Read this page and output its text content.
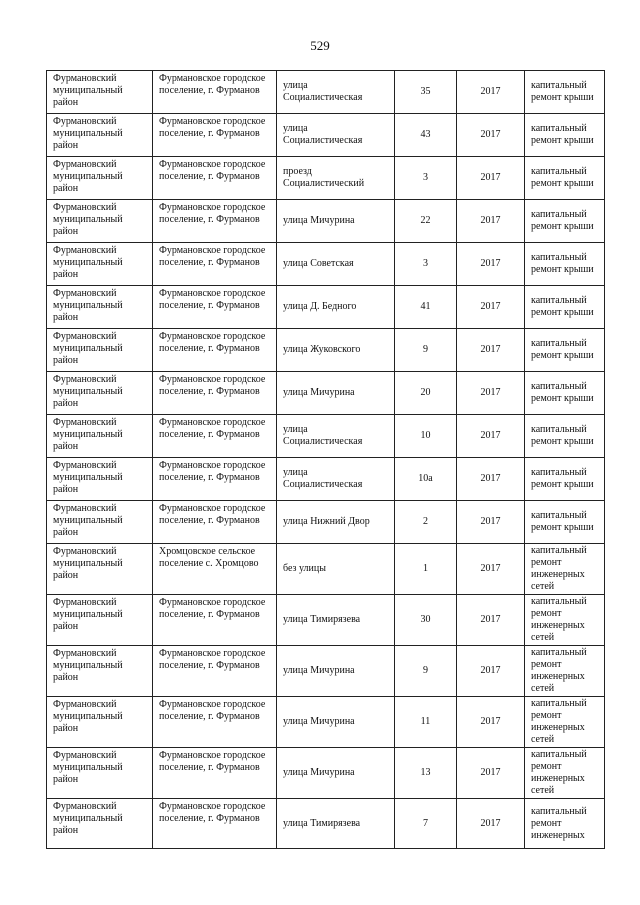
529
Фурмановский муниципальный район	Фурмановское городское поселение, г. Фурманов	улица Социалистическая	35	2017	капитальный ремонт крыши
Фурмановский муниципальный район	Фурмановское городское поселение, г. Фурманов	улица Социалистическая	43	2017	капитальный ремонт крыши
Фурмановский муниципальный район	Фурмановское городское поселение, г. Фурманов	проезд Социалистический	3	2017	капитальный ремонт крыши
Фурмановский муниципальный район	Фурмановское городское поселение, г. Фурманов	улица Мичурина	22	2017	капитальный ремонт крыши
Фурмановский муниципальный район	Фурмановское городское поселение, г. Фурманов	улица Советская	3	2017	капитальный ремонт крыши
Фурмановский муниципальный район	Фурмановское городское поселение, г. Фурманов	улица Д. Бедного	41	2017	капитальный ремонт крыши
Фурмановский муниципальный район	Фурмановское городское поселение, г. Фурманов	улица Жуковского	9	2017	капитальный ремонт крыши
Фурмановский муниципальный район	Фурмановское городское поселение, г. Фурманов	улица Мичурина	20	2017	капитальный ремонт крыши
Фурмановский муниципальный район	Фурмановское городское поселение, г. Фурманов	улица Социалистическая	10	2017	капитальный ремонт крыши
Фурмановский муниципальный район	Фурмановское городское поселение, г. Фурманов	улица Социалистическая	10а	2017	капитальный ремонт крыши
Фурмановский муниципальный район	Фурмановское городское поселение, г. Фурманов	улица Нижний Двор	2	2017	капитальный ремонт крыши
Фурмановский муниципальный район	Хромцовское сельское поселение с. Хромцово	без улицы	1	2017	капитальный ремонт инженерных сетей
Фурмановский муниципальный район	Фурмановское городское поселение, г. Фурманов	улица Тимирязева	30	2017	капитальный ремонт инженерных сетей
Фурмановский муниципальный район	Фурмановское городское поселение, г. Фурманов	улица Мичурина	9	2017	капитальный ремонт инженерных сетей
Фурмановский муниципальный район	Фурмановское городское поселение, г. Фурманов	улица Мичурина	11	2017	капитальный ремонт инженерных сетей
Фурмановский муниципальный район	Фурмановское городское поселение, г. Фурманов	улица Мичурина	13	2017	капитальный ремонт инженерных сетей
Фурмановский муниципальный район	Фурмановское городское поселение, г. Фурманов	улица Тимирязева	7	2017	капитальный ремонт инженерных
